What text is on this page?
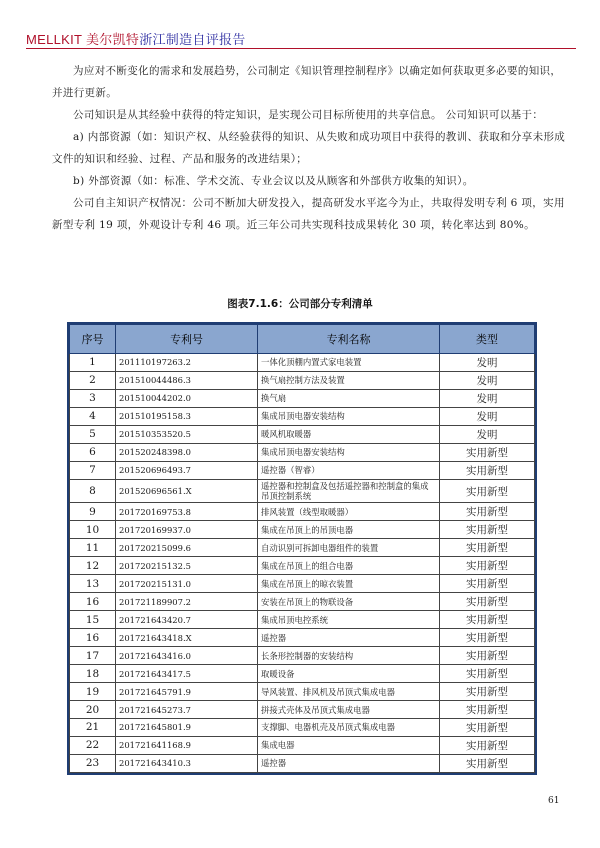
MELLKIT 美尔凯特浙江制造自评报告

为应对不断变化的需求和发展趋势，公司制定《知识管理控制程序》以确定如何获取更多必要的知识，并进行更新。

公司知识是从其经验中获得的特定知识，是实现公司目标所使用的共享信息。 公司知识可以基于：

a) 内部资源（如：知识产权、从经验获得的知识、从失败和成功项目中获得的教训、获取和分享未形成文件的知识和经验、过程、产品和服务的改进结果）；

b) 外部资源（如：标准、学术交流、专业会议以及从顾客和外部供方收集的知识）。

公司自主知识产权情况：公司不断加大研发投入，提高研发水平迄今为止，共取得发明专利 6 项，实用新型专利 19 项，外观设计专利 46 项。近三年公司共实现科技成果转化 30 项，转化率达到 80%。

图表7.1.6：公司部分专利清单
序号	专利号	专利名称	类型
1	201110197263.2	一体化顶棚内置式家电装置	发明
2	201510044486.3	换气扇控制方法及装置	发明
3	201510044202.0	换气扇	发明
4	201510195158.3	集成吊顶电器安装结构	发明
5	201510353520.5	暖风机取暖器	发明
6	201520248398.0	集成吊顶电器安装结构	实用新型
7	201520696493.7	遥控器（智睿）	实用新型
8	201520696561.X	遥控器和控制盒及包括遥控器和控制盒的集成吊顶控制系统	实用新型
9	201720169753.8	排风装置（线型取暖器）	实用新型
10	201720169937.0	集成在吊顶上的吊顶电器	实用新型
11	201720215099.6	自动识别可拆卸电器组件的装置	实用新型
12	201720215132.5	集成在吊顶上的组合电器	实用新型
13	201720215131.0	集成在吊顶上的晾衣装置	实用新型
16	201721189907.2	安装在吊顶上的物联设备	实用新型
15	201721643420.7	集成吊顶电控系统	实用新型
16	201721643418.X	遥控器	实用新型
17	201721643416.0	长条形控制器的安装结构	实用新型
18	201721643417.5	取暖设备	实用新型
19	201721645791.9	导风装置、排风机及吊顶式集成电器	实用新型
20	201721645273.7	拼接式壳体及吊顶式集成电器	实用新型
21	201721645801.9	支撑脚、电器机壳及吊顶式集成电器	实用新型
22	201721641168.9	集成电器	实用新型
23	201721643410.3	遥控器	实用新型
61
